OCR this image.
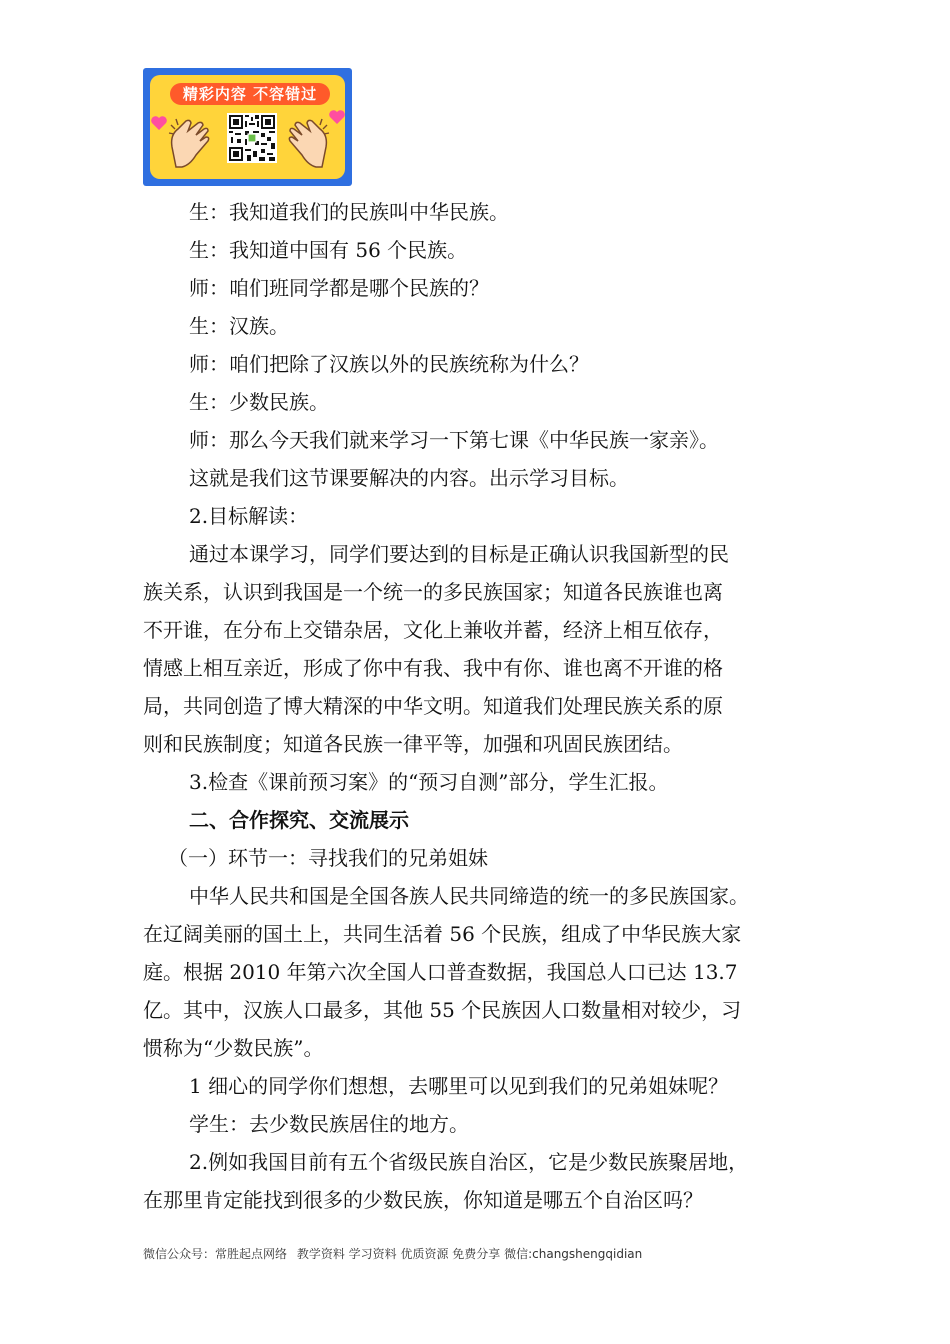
精彩内容 不容错过
生：我知道我们的民族叫中华民族。
生：我知道中国有 56 个民族。
师：咱们班同学都是哪个民族的？
生：汉族。
师：咱们把除了汉族以外的民族统称为什么？
生：少数民族。
师：那么今天我们就来学习一下第七课《中华民族一家亲》。
这就是我们这节课要解决的内容。出示学习目标。
2.目标解读：
通过本课学习，同学们要达到的目标是正确认识我国新型的民
族关系，认识到我国是一个统一的多民族国家；知道各民族谁也离
不开谁，在分布上交错杂居，文化上兼收并蓄，经济上相互依存，
情感上相互亲近，形成了你中有我、我中有你、谁也离不开谁的格
局，共同创造了博大精深的中华文明。知道我们处理民族关系的原
则和民族制度；知道各民族一律平等，加强和巩固民族团结。
3.检查《课前预习案》的“预习自测”部分，学生汇报。
二、合作探究、交流展示
（一）环节一：寻找我们的兄弟姐妹
中华人民共和国是全国各族人民共同缔造的统一的多民族国家。
在辽阔美丽的国土上，共同生活着 56 个民族，组成了中华民族大家
庭。根据 2010 年第六次全国人口普查数据，我国总人口已达 13.7
亿。其中，汉族人口最多，其他 55 个民族因人口数量相对较少，习
惯称为“少数民族”。
1 细心的同学你们想想，去哪里可以见到我们的兄弟姐妹呢？
学生：去少数民族居住的地方。
2.例如我国目前有五个省级民族自治区，它是少数民族聚居地，
在那里肯定能找到很多的少数民族，你知道是哪五个自治区吗？
微信公众号：常胜起点网络 教学资料 学习资料 优质资源 免费分享 微信:changshengqidian
